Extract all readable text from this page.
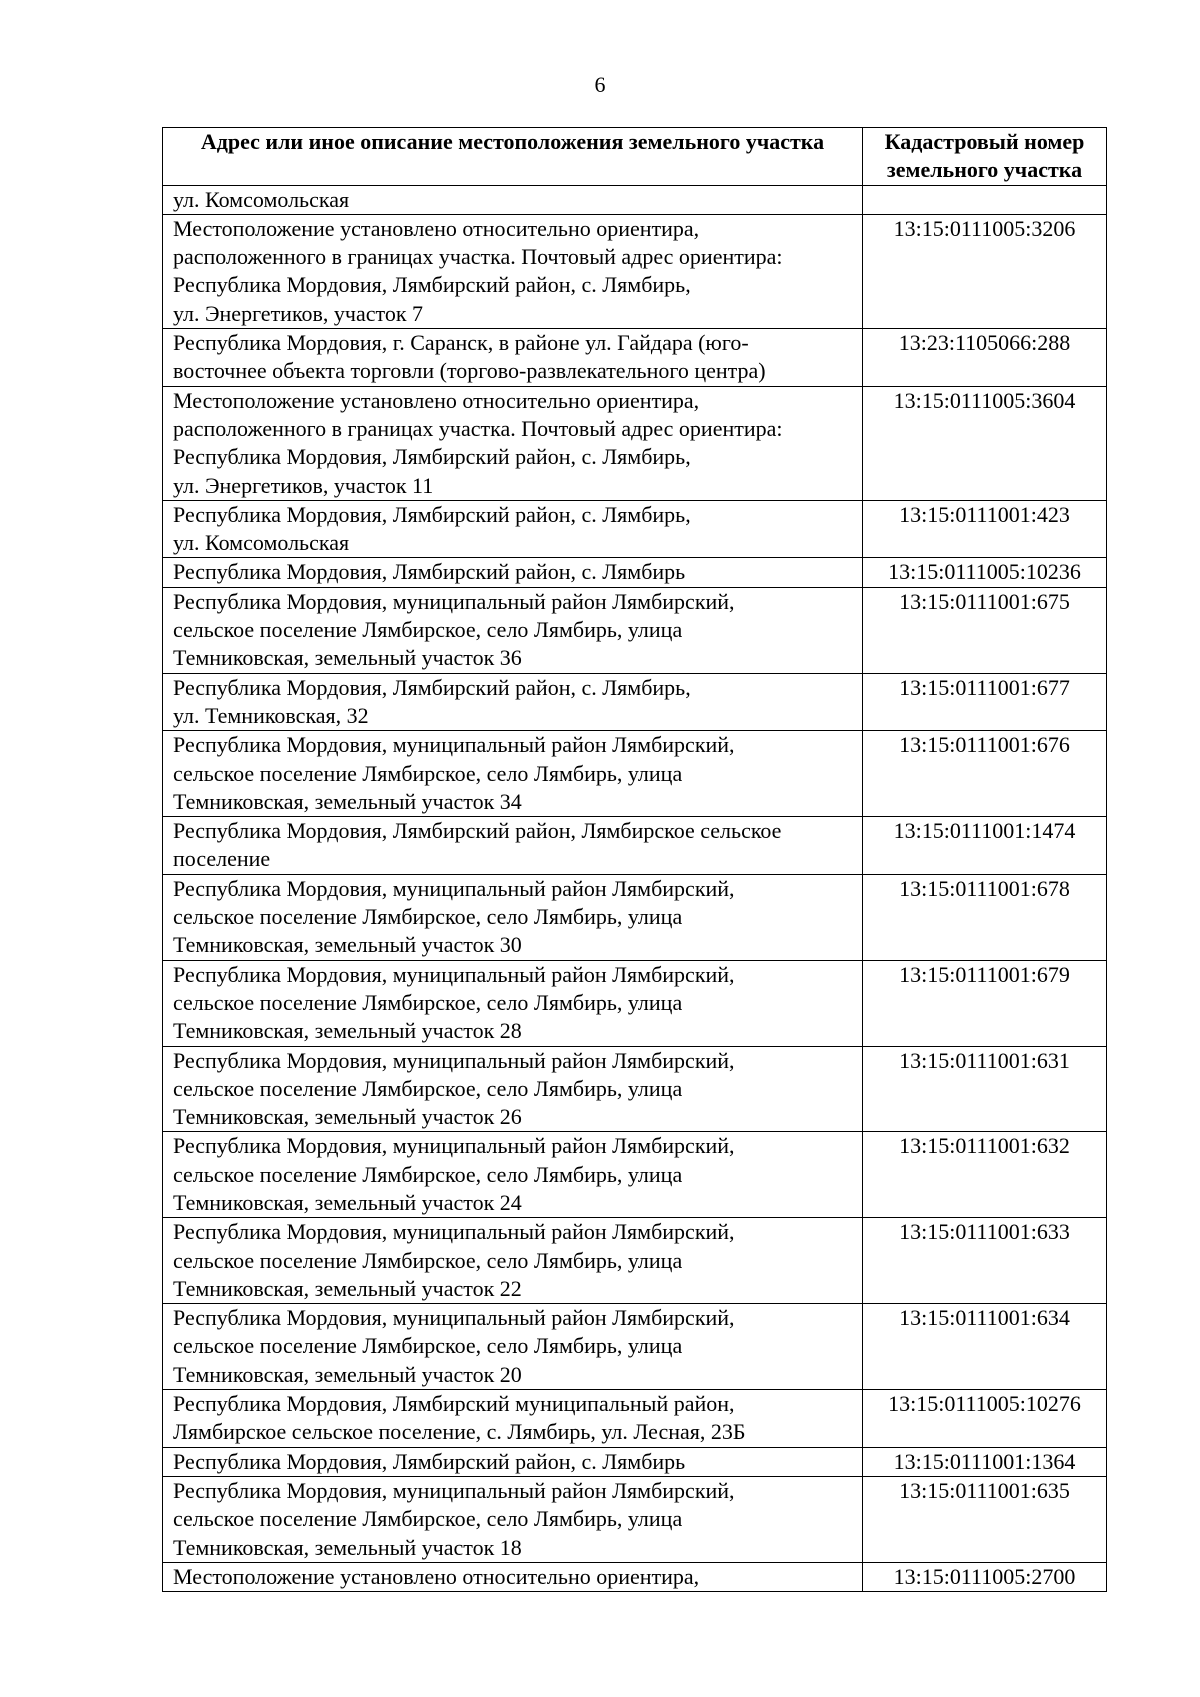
6
Адрес или иное описание местоположения земельного участка	Кадастровый номер земельного участка

ул. Комсомольская	

Местоположение установлено относительно ориентира,
расположенного в границах участка. Почтовый адрес ориентира:
Республика Мордовия, Лямбирский район, с. Лямбирь,
ул. Энергетиков, участок 7	13:15:0111005:3206

Республика Мордовия, г. Саранск, в районе ул. Гайдара (юго-
восточнее объекта торговли (торгово-развлекательного центра)	13:23:1105066:288

Местоположение установлено относительно ориентира,
расположенного в границах участка. Почтовый адрес ориентира:
Республика Мордовия, Лямбирский район, с. Лямбирь,
ул. Энергетиков, участок 11	13:15:0111005:3604

Республика Мордовия, Лямбирский район, с. Лямбирь,
ул. Комсомольская	13:15:0111001:423

Республика Мордовия, Лямбирский район, с. Лямбирь	13:15:0111005:10236

Республика Мордовия, муниципальный район Лямбирский,
сельское поселение Лямбирское, село Лямбирь, улица
Темниковская, земельный участок 36	13:15:0111001:675

Республика Мордовия, Лямбирский район, с. Лямбирь,
ул. Темниковская, 32	13:15:0111001:677

Республика Мордовия, муниципальный район Лямбирский,
сельское поселение Лямбирское, село Лямбирь, улица
Темниковская, земельный участок 34	13:15:0111001:676

Республика Мордовия, Лямбирский район, Лямбирское сельское
поселение	13:15:0111001:1474

Республика Мордовия, муниципальный район Лямбирский,
сельское поселение Лямбирское, село Лямбирь, улица
Темниковская, земельный участок 30	13:15:0111001:678

Республика Мордовия, муниципальный район Лямбирский,
сельское поселение Лямбирское, село Лямбирь, улица
Темниковская, земельный участок 28	13:15:0111001:679

Республика Мордовия, муниципальный район Лямбирский,
сельское поселение Лямбирское, село Лямбирь, улица
Темниковская, земельный участок 26	13:15:0111001:631

Республика Мордовия, муниципальный район Лямбирский,
сельское поселение Лямбирское, село Лямбирь, улица
Темниковская, земельный участок 24	13:15:0111001:632

Республика Мордовия, муниципальный район Лямбирский,
сельское поселение Лямбирское, село Лямбирь, улица
Темниковская, земельный участок 22	13:15:0111001:633

Республика Мордовия, муниципальный район Лямбирский,
сельское поселение Лямбирское, село Лямбирь, улица
Темниковская, земельный участок 20	13:15:0111001:634

Республика Мордовия, Лямбирский муниципальный район,
Лямбирское сельское поселение, с. Лямбирь, ул. Лесная, 23Б	13:15:0111005:10276

Республика Мордовия, Лямбирский район, с. Лямбирь	13:15:0111001:1364

Республика Мордовия, муниципальный район Лямбирский,
сельское поселение Лямбирское, село Лямбирь, улица
Темниковская, земельный участок 18	13:15:0111001:635

Местоположение установлено относительно ориентира,	13:15:0111005:2700
